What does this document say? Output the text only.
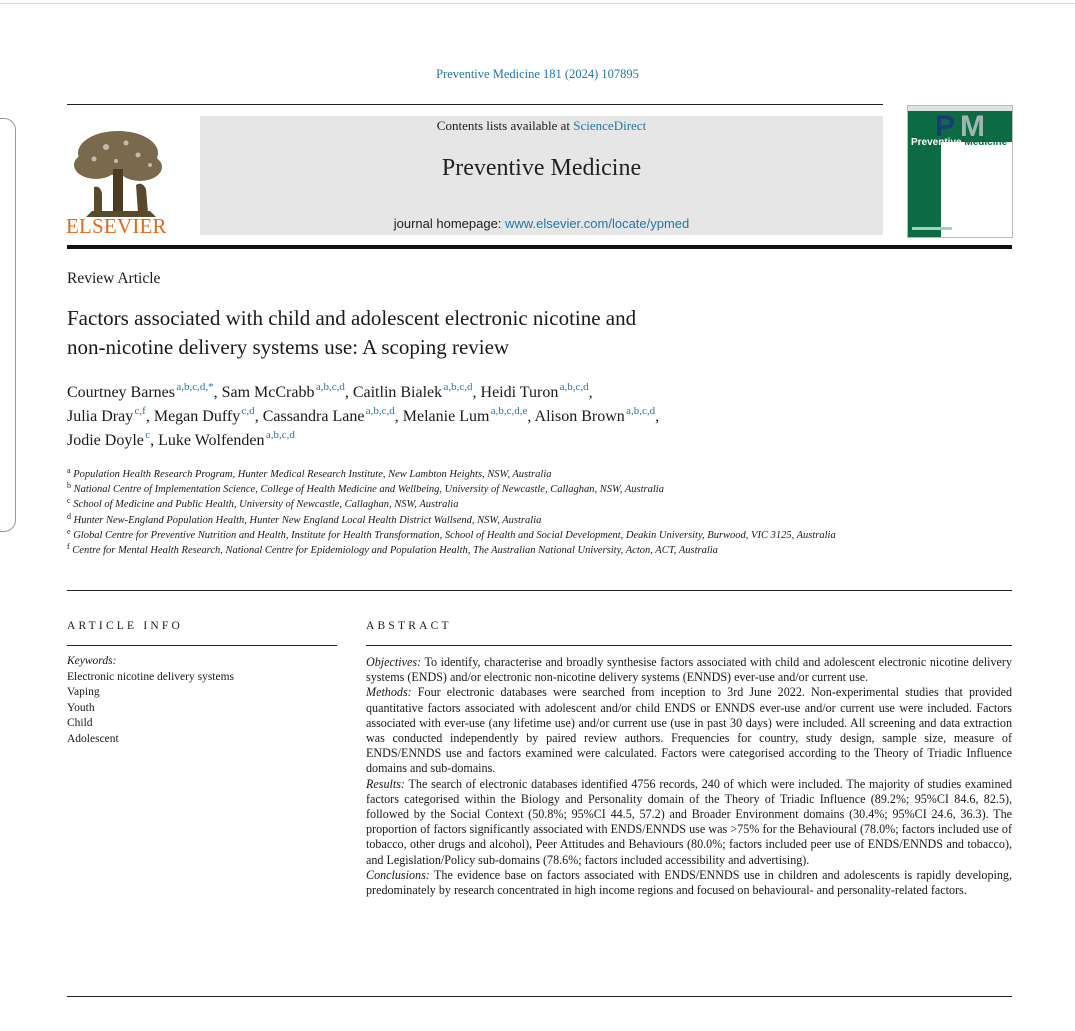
Preventive Medicine 181 (2024) 107895
ELSEVIER
Contents lists available at ScienceDirect
Preventive Medicine
journal homepage: www.elsevier.com/locate/ypmed
P M
Preventive Medicine
Review Article
Factors associated with child and adolescent electronic nicotine and
non-nicotine delivery systems use: A scoping review
Courtney Barnes $^{a,b,c,d,*}$, Sam McCrabb $^{a,b,c,d}$, Caitlin Bialek $^{a,b,c,d}$, Heidi Turon $^{a,b,c,d}$,
Julia Dray $^{c,f}$, Megan Duffy $^{c,d}$, Cassandra Lane $^{a,b,c,d}$, Melanie Lum $^{a,b,c,d,e}$, Alison Brown $^{a,b,c,d}$,
Jodie Doyle $^c$, Luke Wolfenden $^{a,b,c,d}$

$^a$ Population Health Research Program, Hunter Medical Research Institute, New Lambton Heights, NSW, Australia

$^b$ National Centre of Implementation Science, College of Health Medicine and Wellbeing, University of Newcastle, Callaghan, NSW, Australia

$^c$ School of Medicine and Public Health, University of Newcastle, Callaghan, NSW, Australia

$^d$ Hunter New-England Population Health, Hunter New England Local Health District Wallsend, NSW, Australia

$^e$ Global Centre for Preventive Nutrition and Health, Institute for Health Transformation, School of Health and Social Development, Deakin University, Burwood, VIC 3125, Australia

$^f$ Centre for Mental Health Research, National Centre for Epidemiology and Population Health, The Australian National University, Acton, ACT, Australia

ARTICLE INFO	ABSTRACT
Keywords:
Electronic nicotine delivery systems
Vaping
Youth
Child
Adolescent

Objectives: To identify, characterise and broadly synthesise factors associated with child and adolescent electronic nicotine delivery systems (ENDS) and/or electronic non-nicotine delivery systems (ENNDS) ever-use and/or current use.

Methods: Four electronic databases were searched from inception to 3rd June 2022. Non-experimental studies that provided quantitative factors associated with adolescent and/or child ENDS or ENNDS ever-use and/or current use were included. Factors associated with ever-use (any lifetime use) and/or current use (use in past 30 days) were included. All screening and data extraction was conducted independently by paired review authors. Frequencies for country, study design, sample size, measure of ENDS/ENNDS use and factors examined were calculated. Factors were categorised according to the Theory of Triadic Influence domains and sub-domains.

Results: The search of electronic databases identified 4756 records, 240 of which were included. The majority of studies examined factors categorised within the Biology and Personality domain of the Theory of Triadic Influence (89.2%; 95%CI 84.6, 82.5), followed by the Social Context (50.8%; 95%CI 44.5, 57.2) and Broader Environment domains (30.4%; 95%CI 24.6, 36.3). The proportion of factors significantly associated with ENDS/ENNDS use was >75% for the Behavioural (78.0%; factors included use of tobacco, other drugs and alcohol), Peer Attitudes and Behaviours (80.0%; factors included peer use of ENDS/ENNDS and tobacco), and Legislation/Policy sub-domains (78.6%; factors included accessibility and advertising).

Conclusions: The evidence base on factors associated with ENDS/ENNDS use in children and adolescents is rapidly developing, predominately by research concentrated in high income regions and focused on behavioural- and personality-related factors.
